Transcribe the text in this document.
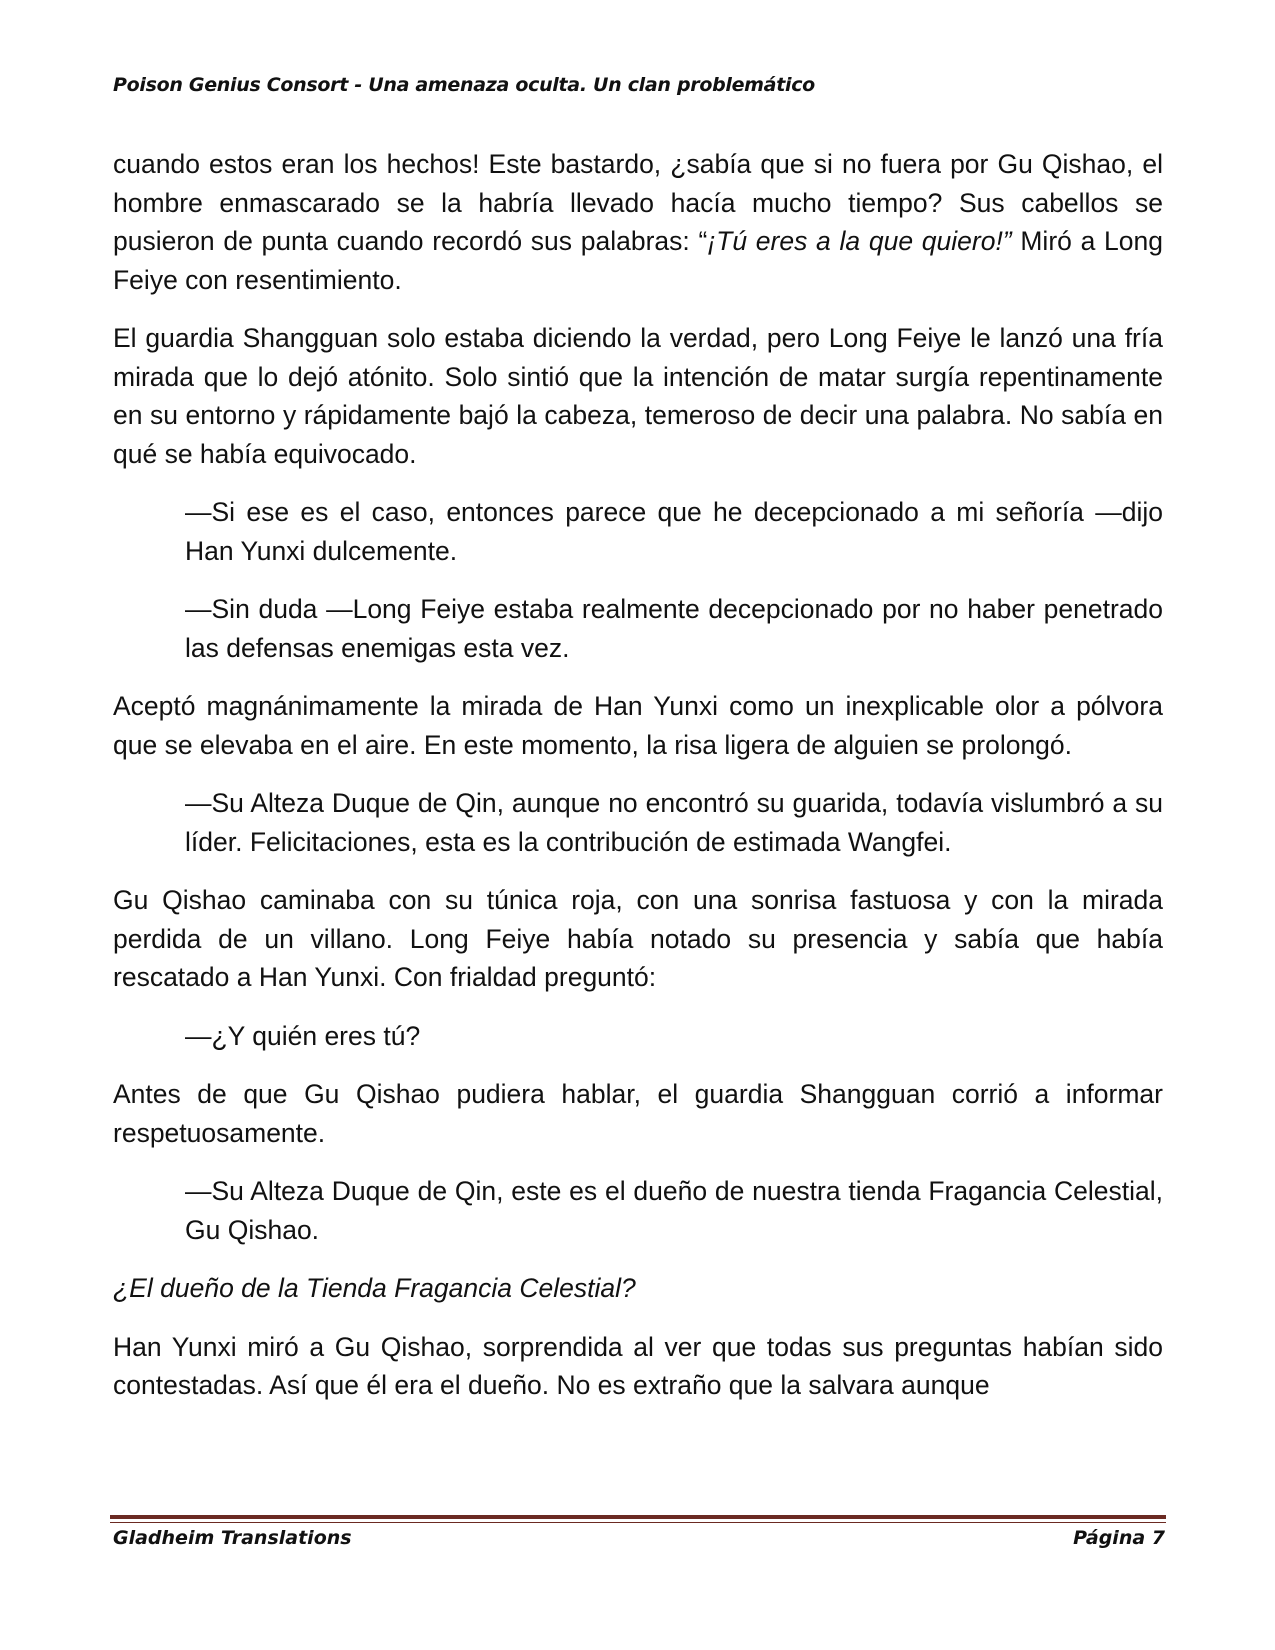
Poison Genius Consort - Una amenaza oculta. Un clan problemático

cuando estos eran los hechos! Este bastardo, ¿sabía que si no fuera por Gu Qishao, el hombre enmascarado se la habría llevado hacía mucho tiempo? Sus cabellos se pusieron de punta cuando recordó sus palabras: “¡Tú eres a la que quiero!” Miró a Long Feiye con resentimiento.

El guardia Shangguan solo estaba diciendo la verdad, pero Long Feiye le lanzó una fría mirada que lo dejó atónito. Solo sintió que la intención de matar surgía repentinamente en su entorno y rápidamente bajó la cabeza, temeroso de decir una palabra. No sabía en qué se había equivocado.

—Si ese es el caso, entonces parece que he decepcionado a mi señoría —dijo Han Yunxi dulcemente.

—Sin duda —Long Feiye estaba realmente decepcionado por no haber penetrado las defensas enemigas esta vez.

Aceptó magnánimamente la mirada de Han Yunxi como un inexplicable olor a pólvora que se elevaba en el aire. En este momento, la risa ligera de alguien se prolongó.

—Su Alteza Duque de Qin, aunque no encontró su guarida, todavía vislumbró a su líder. Felicitaciones, esta es la contribución de estimada Wangfei.

Gu Qishao caminaba con su túnica roja, con una sonrisa fastuosa y con la mirada perdida de un villano. Long Feiye había notado su presencia y sabía que había rescatado a Han Yunxi. Con frialdad preguntó:

—¿Y quién eres tú?

Antes de que Gu Qishao pudiera hablar, el guardia Shangguan corrió a informar respetuosamente.

—Su Alteza Duque de Qin, este es el dueño de nuestra tienda Fragancia Celestial, Gu Qishao.

¿El dueño de la Tienda Fragancia Celestial?

Han Yunxi miró a Gu Qishao, sorprendida al ver que todas sus preguntas habían sido contestadas. Así que él era el dueño. No es extraño que la salvara aunque

Gladheim Translations	Página 7
